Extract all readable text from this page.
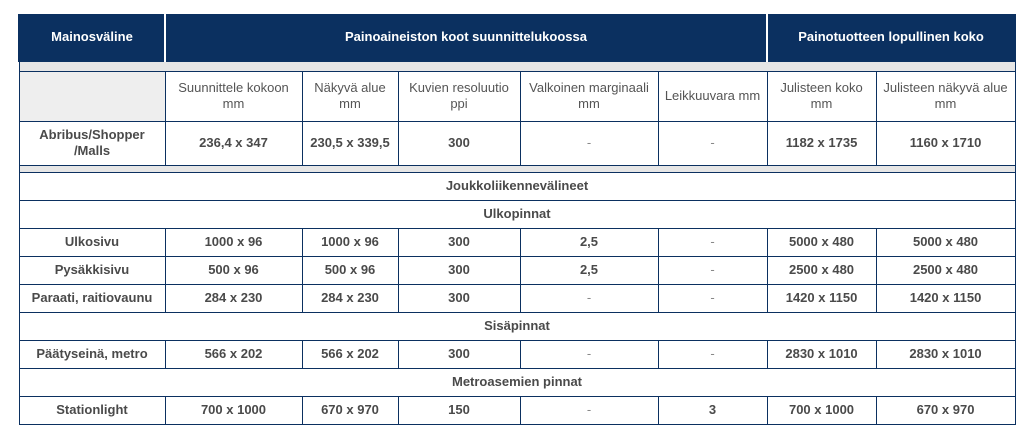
Mainosväline	Painoaineiston koot suunnittelukoossa					Painotuotteen lopullinen koko	

	Suunnittele kokoon mm	Näkyvä alue mm	Kuvien resoluutio ppi	Valkoinen marginaali mm	Leikkuuvara mm	Julisteen koko mm	Julisteen näkyvä alue mm
Abribus/Shopper /Malls	236,4 x 347	230,5 x 339,5	300	-	-	1182 x 1735	1160 x 1710

Joukkoliikennevälineet							
Ulkopinnat							
Ulkosivu	1000 x 96	1000 x 96	300	2,5	-	5000 x 480	5000 x 480
Pysäkkisivu	500 x 96	500 x 96	300	2,5	-	2500 x 480	2500 x 480
Paraati, raitiovaunu	284 x 230	284 x 230	300	-	-	1420 x 1150	1420 x 1150
Sisäpinnat							
Päätyseinä, metro	566 x 202	566 x 202	300	-	-	2830 x 1010	2830 x 1010
Metroasemien pinnat							
Stationlight	700 x 1000	670 x 970	150	-	3	700 x 1000	670 x 970
